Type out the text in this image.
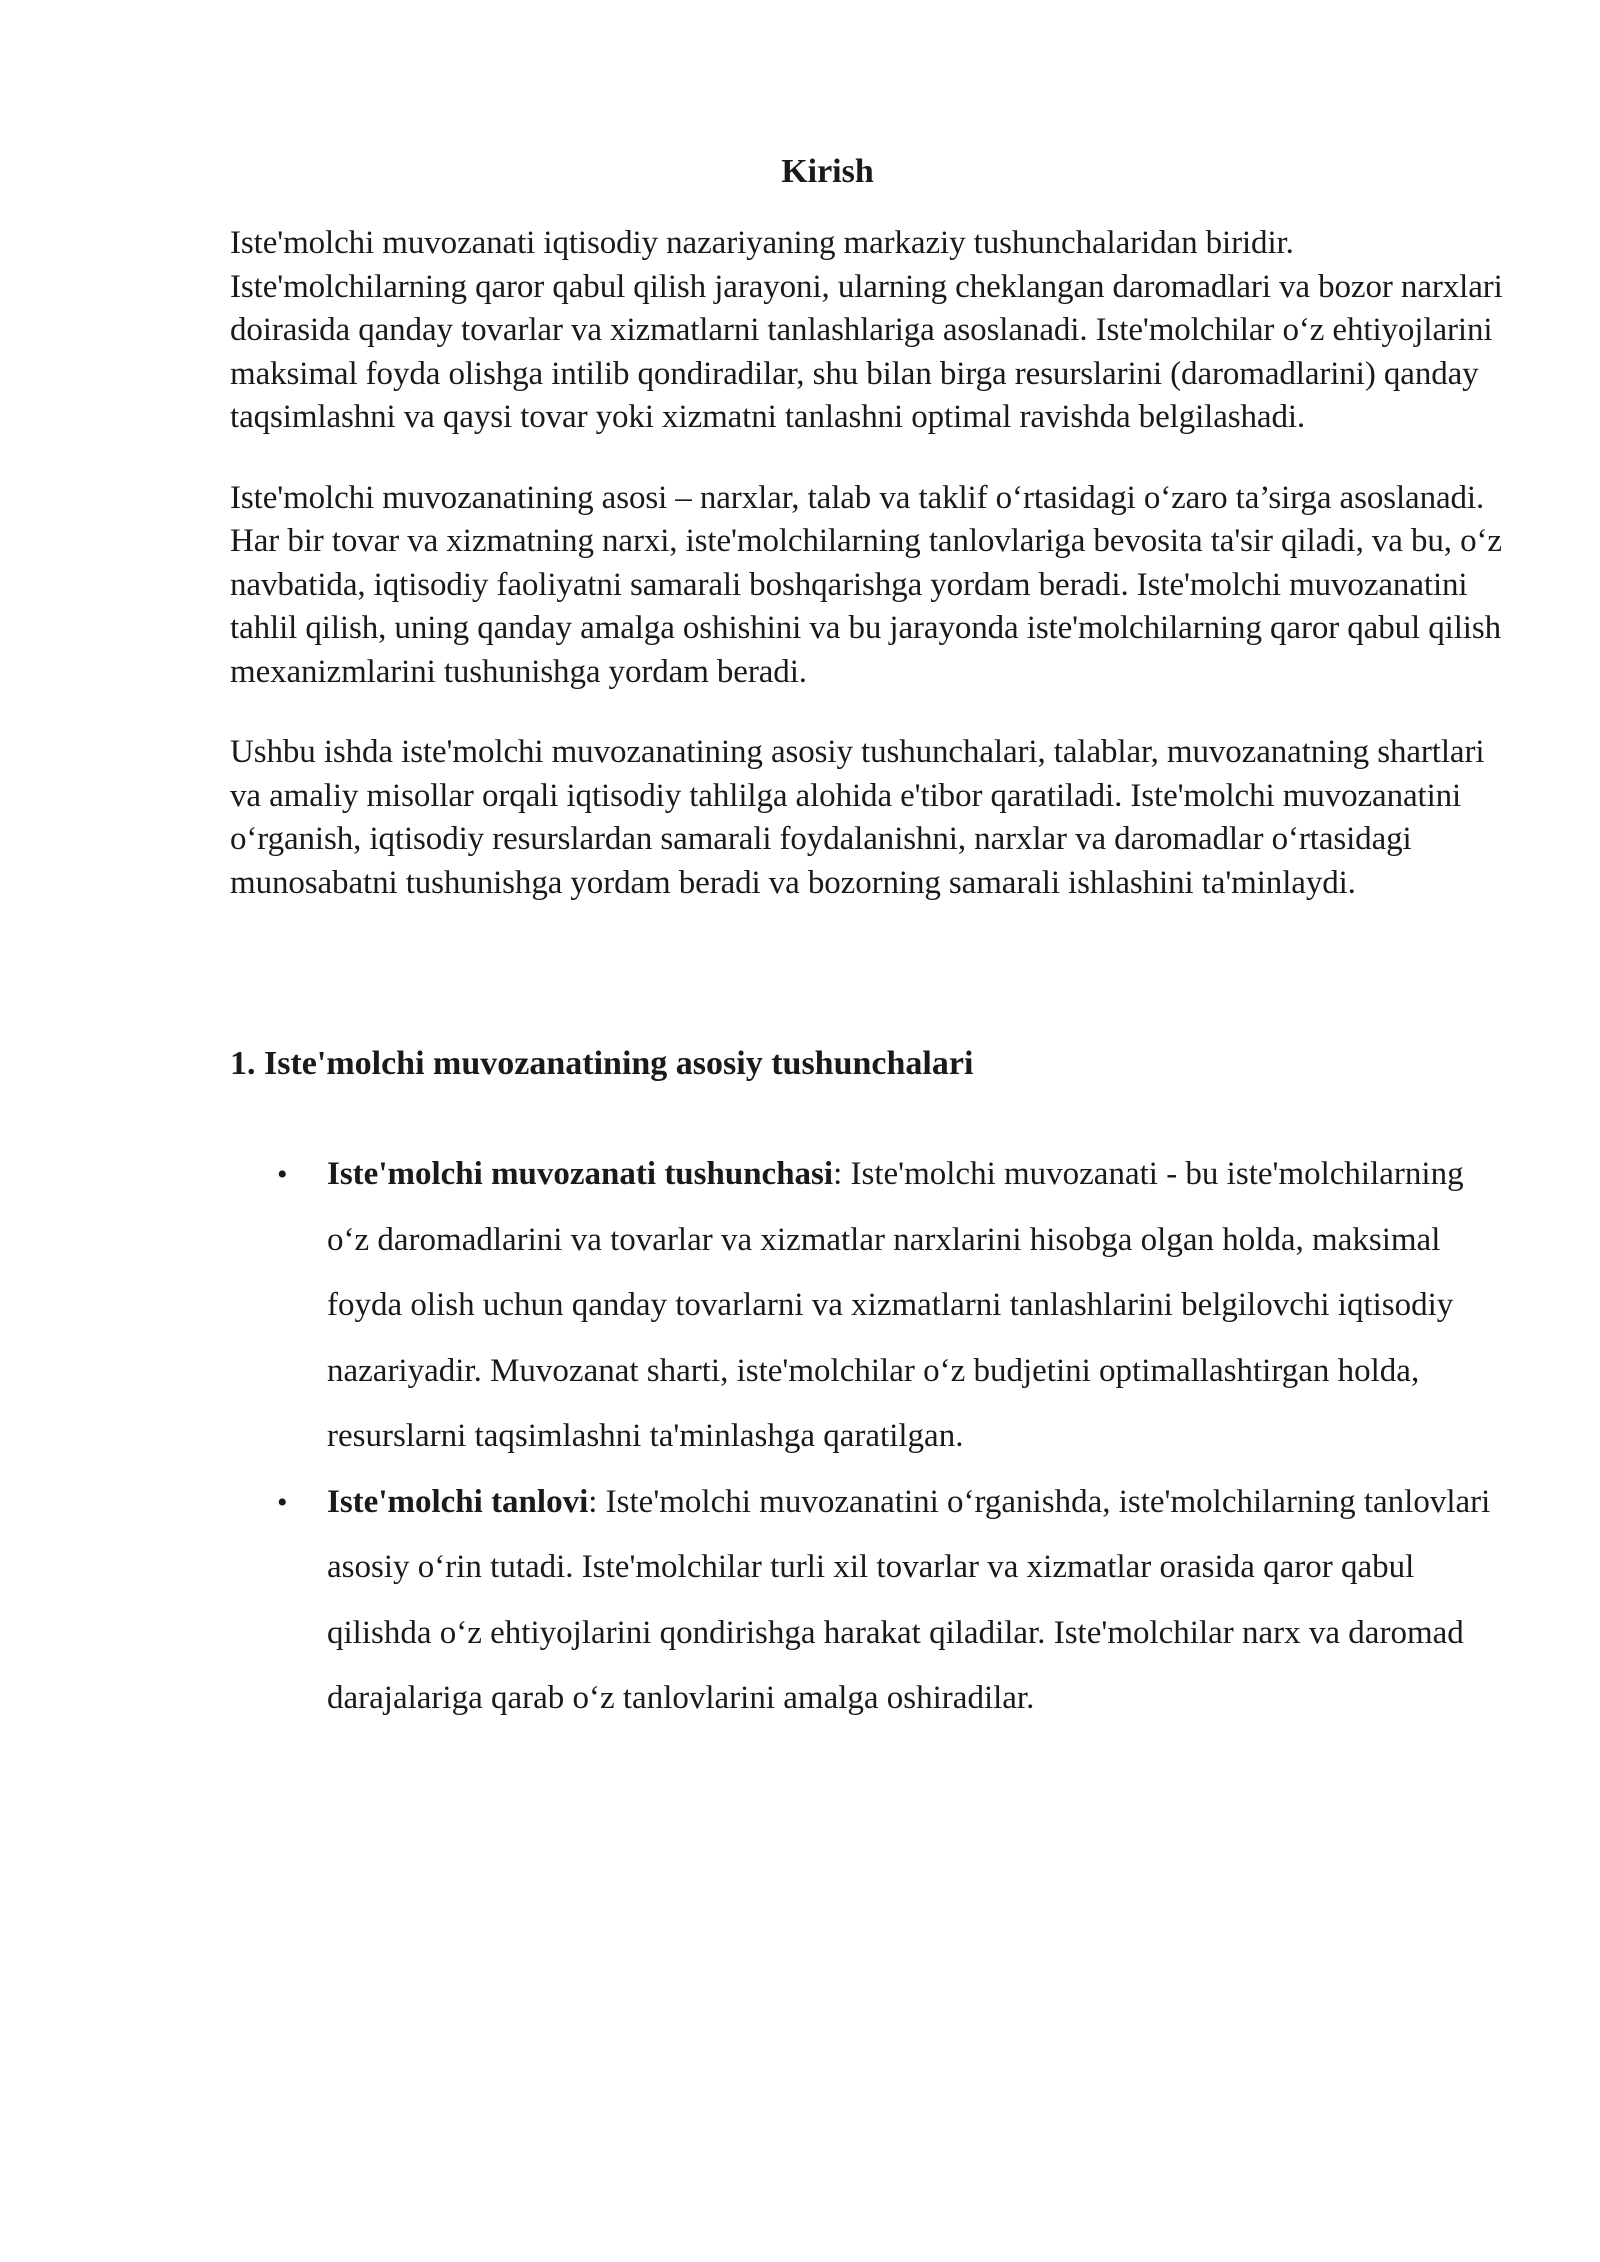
Kirish

Iste'molchi muvozanati iqtisodiy nazariyaning markaziy tushunchalaridan biridir. Iste'molchilarning qaror qabul qilish jarayoni, ularning cheklangan daromadlari va bozor narxlari doirasida qanday tovarlar va xizmatlarni tanlashlariga asoslanadi. Iste'molchilar o‘z ehtiyojlarini maksimal foyda olishga intilib qondiradilar, shu bilan birga resurslarini (daromadlarini) qanday taqsimlashni va qaysi tovar yoki xizmatni tanlashni optimal ravishda belgilashadi.

Iste'molchi muvozanatining asosi – narxlar, talab va taklif o‘rtasidagi o‘zaro ta’sirga asoslanadi. Har bir tovar va xizmatning narxi, iste'molchilarning tanlovlariga bevosita ta'sir qiladi, va bu, o‘z navbatida, iqtisodiy faoliyatni samarali boshqarishga yordam beradi. Iste'molchi muvozanatini tahlil qilish, uning qanday amalga oshishini va bu jarayonda iste'molchilarning qaror qabul qilish mexanizmlarini tushunishga yordam beradi.

Ushbu ishda iste'molchi muvozanatining asosiy tushunchalari, talablar, muvozanatning shartlari va amaliy misollar orqali iqtisodiy tahlilga alohida e'tibor qaratiladi. Iste'molchi muvozanatini o‘rganish, iqtisodiy resurslardan samarali foydalanishni, narxlar va daromadlar o‘rtasidagi munosabatni tushunishga yordam beradi va bozorning samarali ishlashini ta'minlaydi.

1. Iste'molchi muvozanatining asosiy tushunchalari
• Iste'molchi muvozanati tushunchasi: Iste'molchi muvozanati - bu iste'molchilarning o‘z daromadlarini va tovarlar va xizmatlar narxlarini hisobga olgan holda, maksimal foyda olish uchun qanday tovarlarni va xizmatlarni tanlashlarini belgilovchi iqtisodiy nazariyadir. Muvozanat sharti, iste'molchilar o‘z budjetini optimallashtirgan holda, resurslarni taqsimlashni ta'minlashga qaratilgan.
• Iste'molchi tanlovi: Iste'molchi muvozanatini o‘rganishda, iste'molchilarning tanlovlari asosiy o‘rin tutadi. Iste'molchilar turli xil tovarlar va xizmatlar orasida qaror qabul qilishda o‘z ehtiyojlarini qondirishga harakat qiladilar. Iste'molchilar narx va daromad darajalariga qarab o‘z tanlovlarini amalga oshiradilar.
